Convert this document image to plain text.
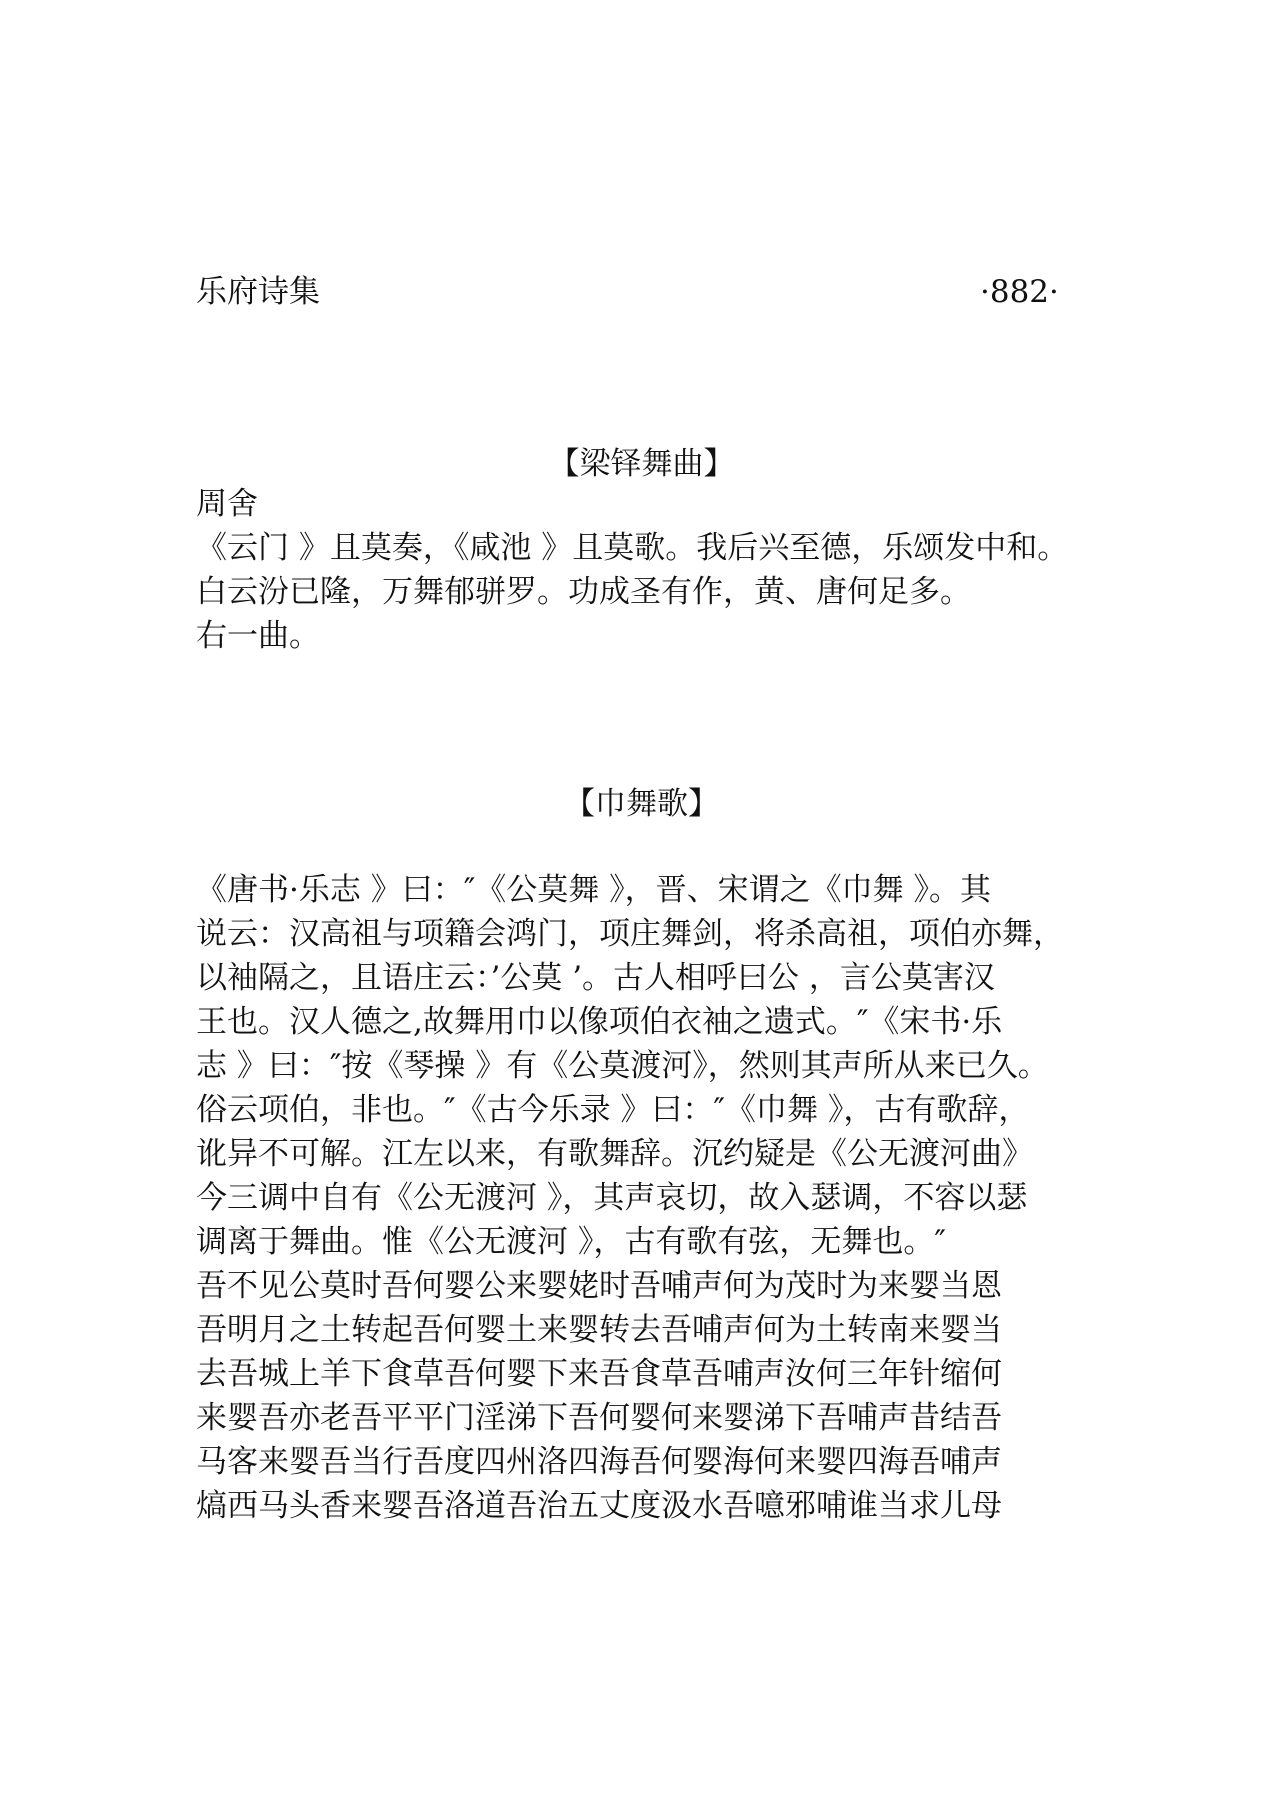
乐府诗集	·882·
【梁铎舞曲】
周舍
《云门 》且莫奏，《咸池 》且莫歌。我后兴至德，乐颂发中和。
白云汾已隆，万舞郁骈罗。功成圣有作，黄、唐何足多。
右一曲。
【巾舞歌】
《唐书·乐志 》曰：″《公莫舞 》，晋、宋谓之《巾舞 》。其
说云：汉高祖与项籍会鸿门，项庄舞剑，将杀高祖，项伯亦舞，
以袖隔之，且语庄云：’公莫 ’。古人相呼曰公 ，言公莫害汉
王也。汉人德之,故舞用巾以像项伯衣袖之遗式。″《宋书·乐
志 》曰：″按《琴操 》有《公莫渡河》，然则其声所从来已久。
俗云项伯，非也。″《古今乐录 》曰：″《巾舞 》，古有歌辞，
讹异不可解。江左以来，有歌舞辞。沉约疑是《公无渡河曲》
今三调中自有《公无渡河 》，其声哀切，故入瑟调，不容以瑟
调离于舞曲。惟《公无渡河 》，古有歌有弦，无舞也。″
吾不见公莫时吾何婴公来婴姥时吾哺声何为茂时为来婴当恩
吾明月之土转起吾何婴土来婴转去吾哺声何为土转南来婴当
去吾城上羊下食草吾何婴下来吾食草吾哺声汝何三年针缩何
来婴吾亦老吾平平门淫涕下吾何婴何来婴涕下吾哺声昔结吾
马客来婴吾当行吾度四州洛四海吾何婴海何来婴四海吾哺声
熇西马头香来婴吾洛道吾治五丈度汲水吾噫邪哺谁当求儿母
